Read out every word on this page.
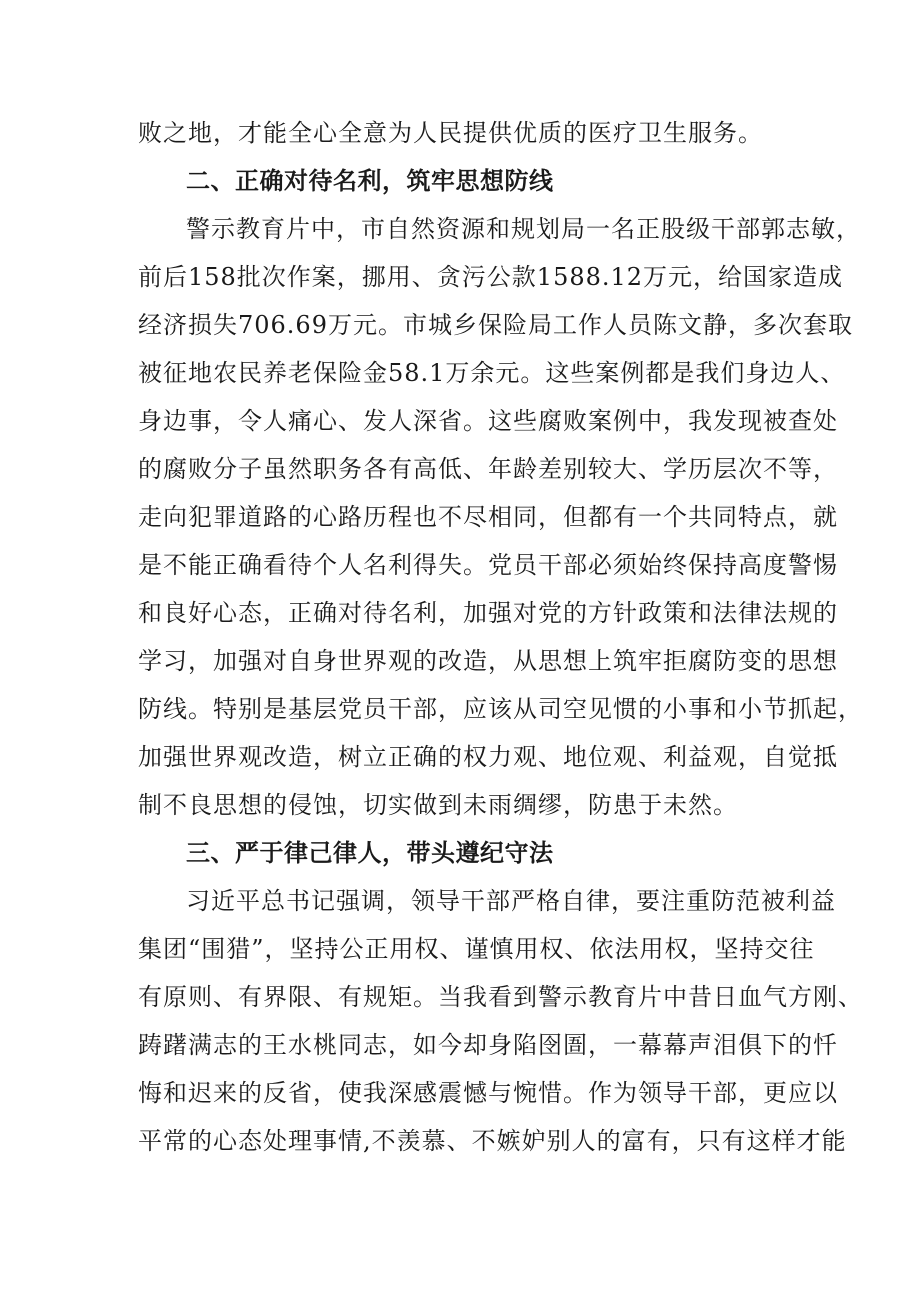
败之地，才能全心全意为人民提供优质的医疗卫生服务。
二、正确对待名利，筑牢思想防线
警示教育片中，市自然资源和规划局一名正股级干部郭志敏，
前后158批次作案，挪用、贪污公款1588.12万元，给国家造成
经济损失706.69万元。市城乡保险局工作人员陈文静，多次套取
被征地农民养老保险金58.1万余元。这些案例都是我们身边人、
身边事，令人痛心、发人深省。这些腐败案例中，我发现被查处
的腐败分子虽然职务各有高低、年龄差别较大、学历层次不等，
走向犯罪道路的心路历程也不尽相同，但都有一个共同特点，就
是不能正确看待个人名利得失。党员干部必须始终保持高度警惕
和良好心态，正确对待名利，加强对党的方针政策和法律法规的
学习，加强对自身世界观的改造，从思想上筑牢拒腐防变的思想
防线。特别是基层党员干部，应该从司空见惯的小事和小节抓起，
加强世界观改造，树立正确的权力观、地位观、利益观，自觉抵
制不良思想的侵蚀，切实做到未雨绸缪，防患于未然。
三、严于律己律人，带头遵纪守法
习近平总书记强调，领导干部严格自律，要注重防范被利益
集团“围猎”，坚持公正用权、谨慎用权、依法用权，坚持交往
有原则、有界限、有规矩。当我看到警示教育片中昔日血气方刚、
踌躇满志的王水桃同志，如今却身陷囹圄，一幕幕声泪俱下的忏
悔和迟来的反省，使我深感震憾与惋惜。作为领导干部，更应以
平常的心态处理事情,不羡慕、不嫉妒别人的富有，只有这样才能
